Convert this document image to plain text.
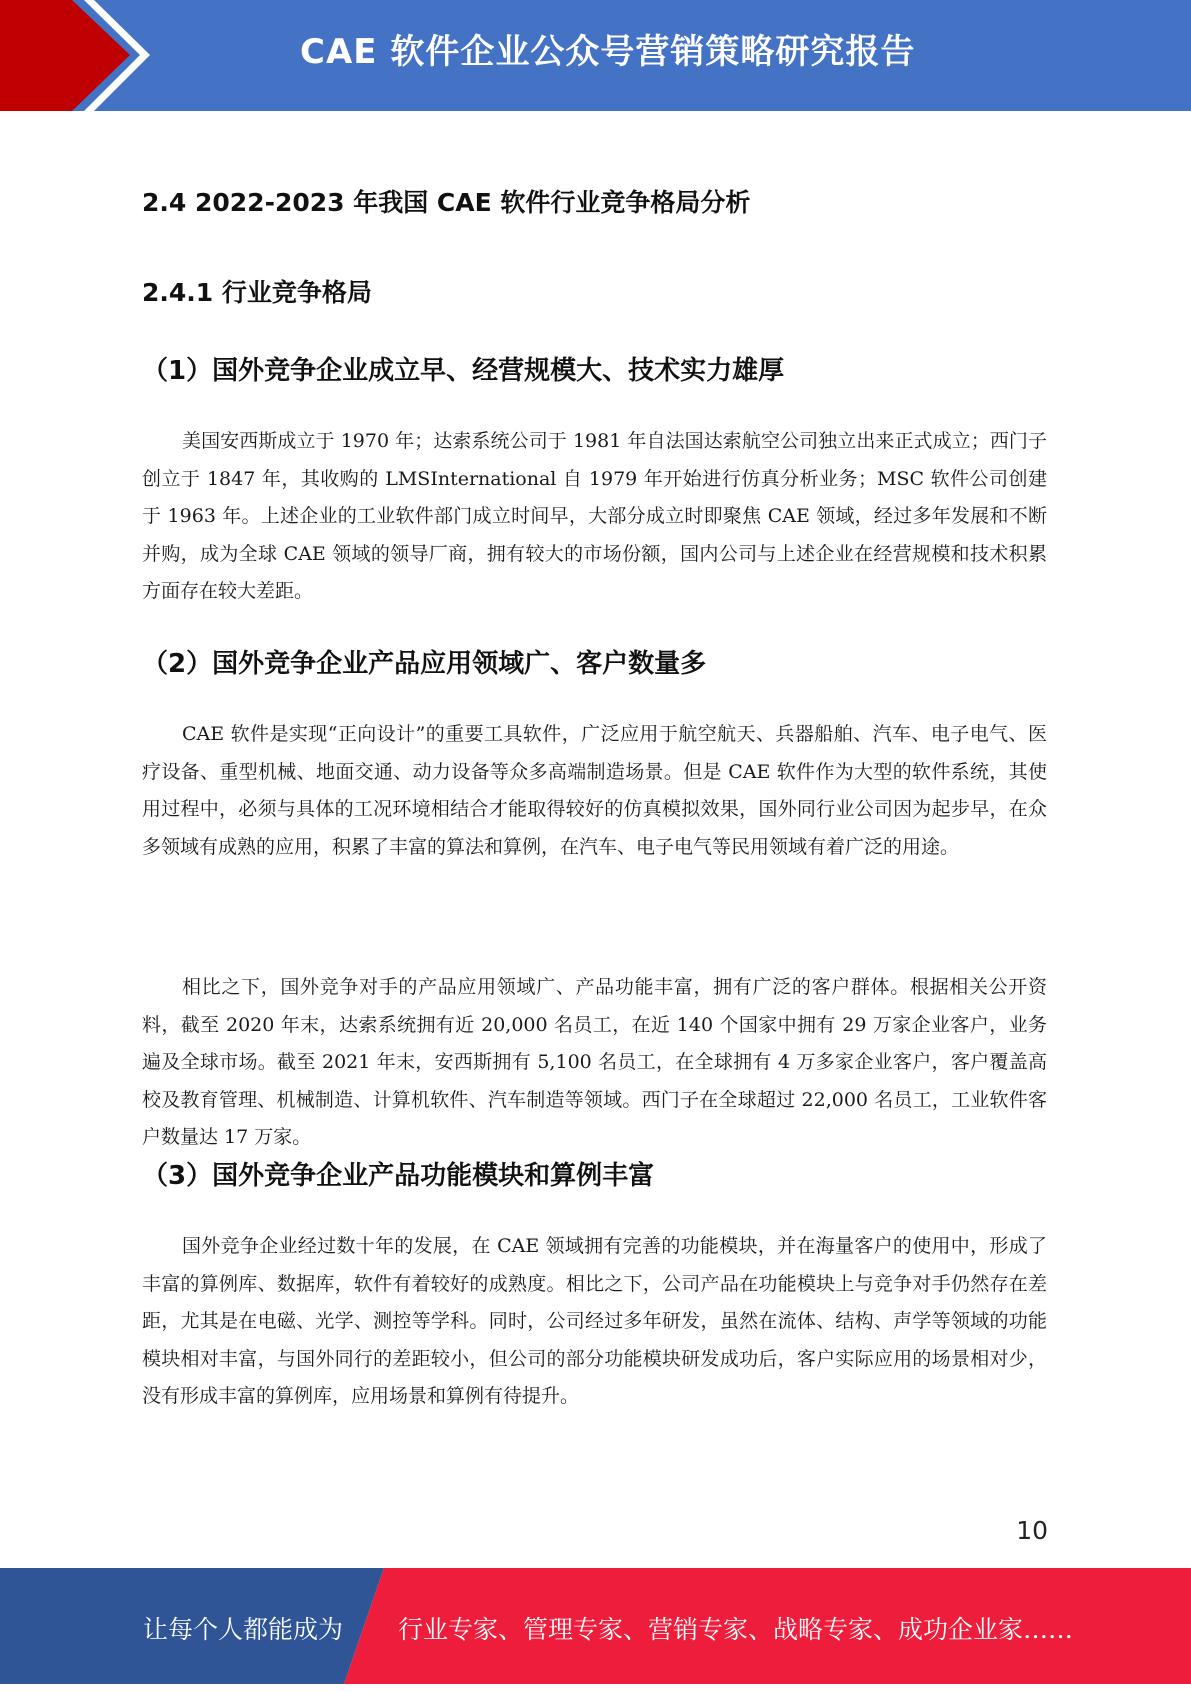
CAE 软件企业公众号营销策略研究报告
2.4 2022-2023 年我国 CAE 软件行业竞争格局分析
2.4.1 行业竞争格局
（1）国外竞争企业成立早、经营规模大、技术实力雄厚

美国安西斯成立于 1970 年；达索系统公司于 1981 年自法国达索航空公司独立出来正式成立；西门子创立于 1847 年，其收购的 LMSInternational 自 1979 年开始进行仿真分析业务；MSC 软件公司创建于 1963 年。上述企业的工业软件部门成立时间早，大部分成立时即聚焦 CAE 领域，经过多年发展和不断并购，成为全球 CAE 领域的领导厂商，拥有较大的市场份额，国内公司与上述企业在经营规模和技术积累方面存在较大差距。

（2）国外竞争企业产品应用领域广、客户数量多

CAE 软件是实现“正向设计”的重要工具软件，广泛应用于航空航天、兵器船舶、汽车、电子电气、医疗设备、重型机械、地面交通、动力设备等众多高端制造场景。但是 CAE 软件作为大型的软件系统，其使用过程中，必须与具体的工况环境相结合才能取得较好的仿真模拟效果，国外同行业公司因为起步早，在众多领域有成熟的应用，积累了丰富的算法和算例，在汽车、电子电气等民用领域有着广泛的用途。

相比之下，国外竞争对手的产品应用领域广、产品功能丰富，拥有广泛的客户群体。根据相关公开资料，截至 2020 年末，达索系统拥有近 20,000 名员工，在近 140 个国家中拥有 29 万家企业客户，业务遍及全球市场。截至 2021 年末，安西斯拥有 5,100 名员工，在全球拥有 4 万多家企业客户，客户覆盖高校及教育管理、机械制造、计算机软件、汽车制造等领域。西门子在全球超过 22,000 名员工，工业软件客户数量达 17 万家。

（3）国外竞争企业产品功能模块和算例丰富

国外竞争企业经过数十年的发展，在 CAE 领域拥有完善的功能模块，并在海量客户的使用中，形成了丰富的算例库、数据库，软件有着较好的成熟度。相比之下，公司产品在功能模块上与竞争对手仍然存在差距，尤其是在电磁、光学、测控等学科。同时，公司经过多年研发，虽然在流体、结构、声学等领域的功能模块相对丰富，与国外同行的差距较小，但公司的部分功能模块研发成功后，客户实际应用的场景相对少，没有形成丰富的算例库，应用场景和算例有待提升。

10
让每个人都能成为 行业专家、管理专家、营销专家、战略专家、成功企业家……
